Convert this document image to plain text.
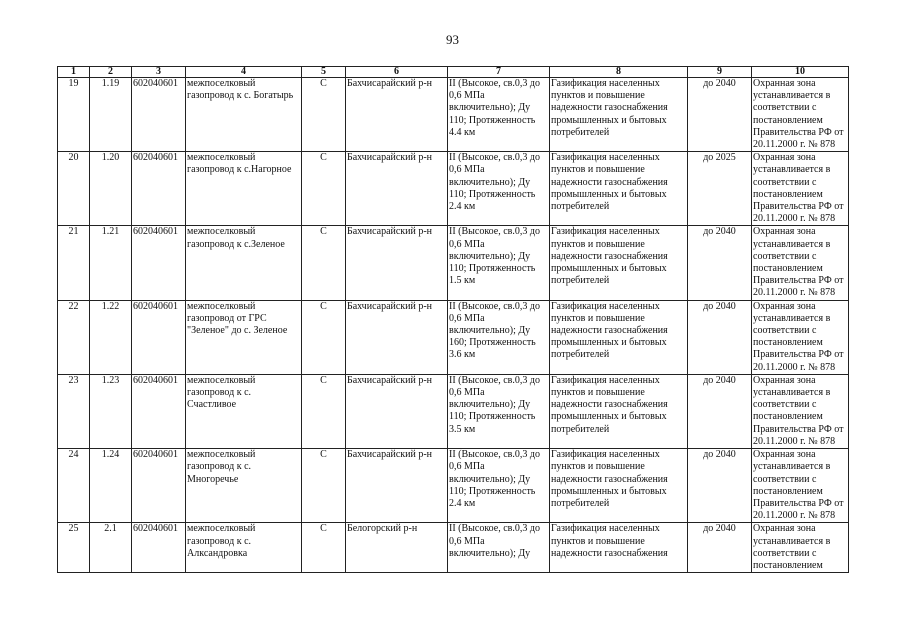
93
1	2	3	4	5	6	7	8	9	10
19	1.19	602040601	межпоселковый газопровод к с. Богатырь	С	Бахчисарайский р-н	II (Высокое, св.0,3 до 0,6 МПа включительно); Ду 110; Протяженность 4.4 км	Газификация населенных пунктов и повышение надежности газоснабжения промышленных и бытовых потребителей	до 2040	Охранная зона устанавливается в соответствии с постановлением Правительства РФ от 20.11.2000 г. № 878
20	1.20	602040601	межпоселковый газопровод к с.Нагорное	С	Бахчисарайский р-н	II (Высокое, св.0,3 до 0,6 МПа включительно); Ду 110; Протяженность 2.4 км	Газификация населенных пунктов и повышение надежности газоснабжения промышленных и бытовых потребителей	до 2025	Охранная зона устанавливается в соответствии с постановлением Правительства РФ от 20.11.2000 г. № 878
21	1.21	602040601	межпоселковый газопровод к с.Зеленое	С	Бахчисарайский р-н	II (Высокое, св.0,3 до 0,6 МПа включительно); Ду 110; Протяженность 1.5 км	Газификация населенных пунктов и повышение надежности газоснабжения промышленных и бытовых потребителей	до 2040	Охранная зона устанавливается в соответствии с постановлением Правительства РФ от 20.11.2000 г. № 878
22	1.22	602040601	межпоселковый газопровод от ГРС "Зеленое" до с. Зеленое	С	Бахчисарайский р-н	II (Высокое, св.0,3 до 0,6 МПа включительно); Ду 160; Протяженность 3.6 км	Газификация населенных пунктов и повышение надежности газоснабжения промышленных и бытовых потребителей	до 2040	Охранная зона устанавливается в соответствии с постановлением Правительства РФ от 20.11.2000 г. № 878
23	1.23	602040601	межпоселковый газопровод к с. Счастливое	С	Бахчисарайский р-н	II (Высокое, св.0,3 до 0,6 МПа включительно); Ду 110; Протяженность 3.5 км	Газификация населенных пунктов и повышение надежности газоснабжения промышленных и бытовых потребителей	до 2040	Охранная зона устанавливается в соответствии с постановлением Правительства РФ от 20.11.2000 г. № 878
24	1.24	602040601	межпоселковый газопровод к с. Многоречье	С	Бахчисарайский р-н	II (Высокое, св.0,3 до 0,6 МПа включительно); Ду 110; Протяженность 2.4 км	Газификация населенных пунктов и повышение надежности газоснабжения промышленных и бытовых потребителей	до 2040	Охранная зона устанавливается в соответствии с постановлением Правительства РФ от 20.11.2000 г. № 878
25	2.1	602040601	межпоселковый газопровод к с. Алксандровка	С	Белогорский р-н	II (Высокое, св.0,3 до 0,6 МПа включительно); Ду	Газификация населенных пунктов и повышение надежности газоснабжения	до 2040	Охранная зона устанавливается в соответствии с постановлением
